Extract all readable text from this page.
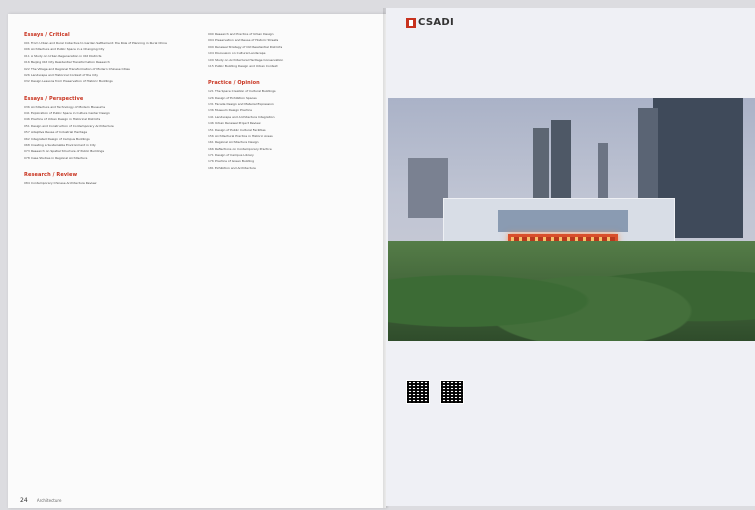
Essays / Critical
001 From Urban and Rural Collective to Garden Settlement: the Role of Planning in Rural China
006 Architecture and Public Space in a Changing City
011 A Study on Urban Regeneration in Old Districts
016 Beijing Old City Residential Transformation Research
022 The Village and Regional Transformation of Modern Chinese Cities
026 Landscape and Historical Context of the City
032 Design Lessons from Preservation of Historic Buildings
Essays / Perspective
036 Architecture and Technology of Modern Museums
041 Exploration of Public Space in Culture Center Design
046 Practice of Urban Design in Historical Districts
051 Design and Construction of Contemporary Architecture
057 Adaptive Reuse of Industrial Heritage
062 Integrated Design of Campus Buildings
068 Creating a Sustainable Environment in City
073 Research on Spatial Structure of Public Buildings
078 Case Studies in Regional Architecture
Research / Review
084 Contemporary Chinese Architecture Review
090 Research and Practice of Urban Design
094 Preservation and Reuse of Historic Streets
099 Renewal Strategy of Old Residential Districts
104 Discussion on Cultural Landscape
109 Study on Architectural Heritage Conservation
115 Public Building Design and Urban Context
Practice / Opinion
121 The Space Creation of Cultural Buildings
126 Design of Exhibition Spaces
131 Facade Design and Material Expression
136 Museum Design Practice
141 Landscape and Architecture Integration
146 Urban Renewal Project Review
151 Design of Public Cultural Facilities
156 Architectural Practice in Historic Areas
161 Regional Architecture Design
166 Reflections on Contemporary Practice
171 Design of Campus Library
176 Practice of Green Building
181 Exhibition and Architecture
24 Architecture
CSADI
